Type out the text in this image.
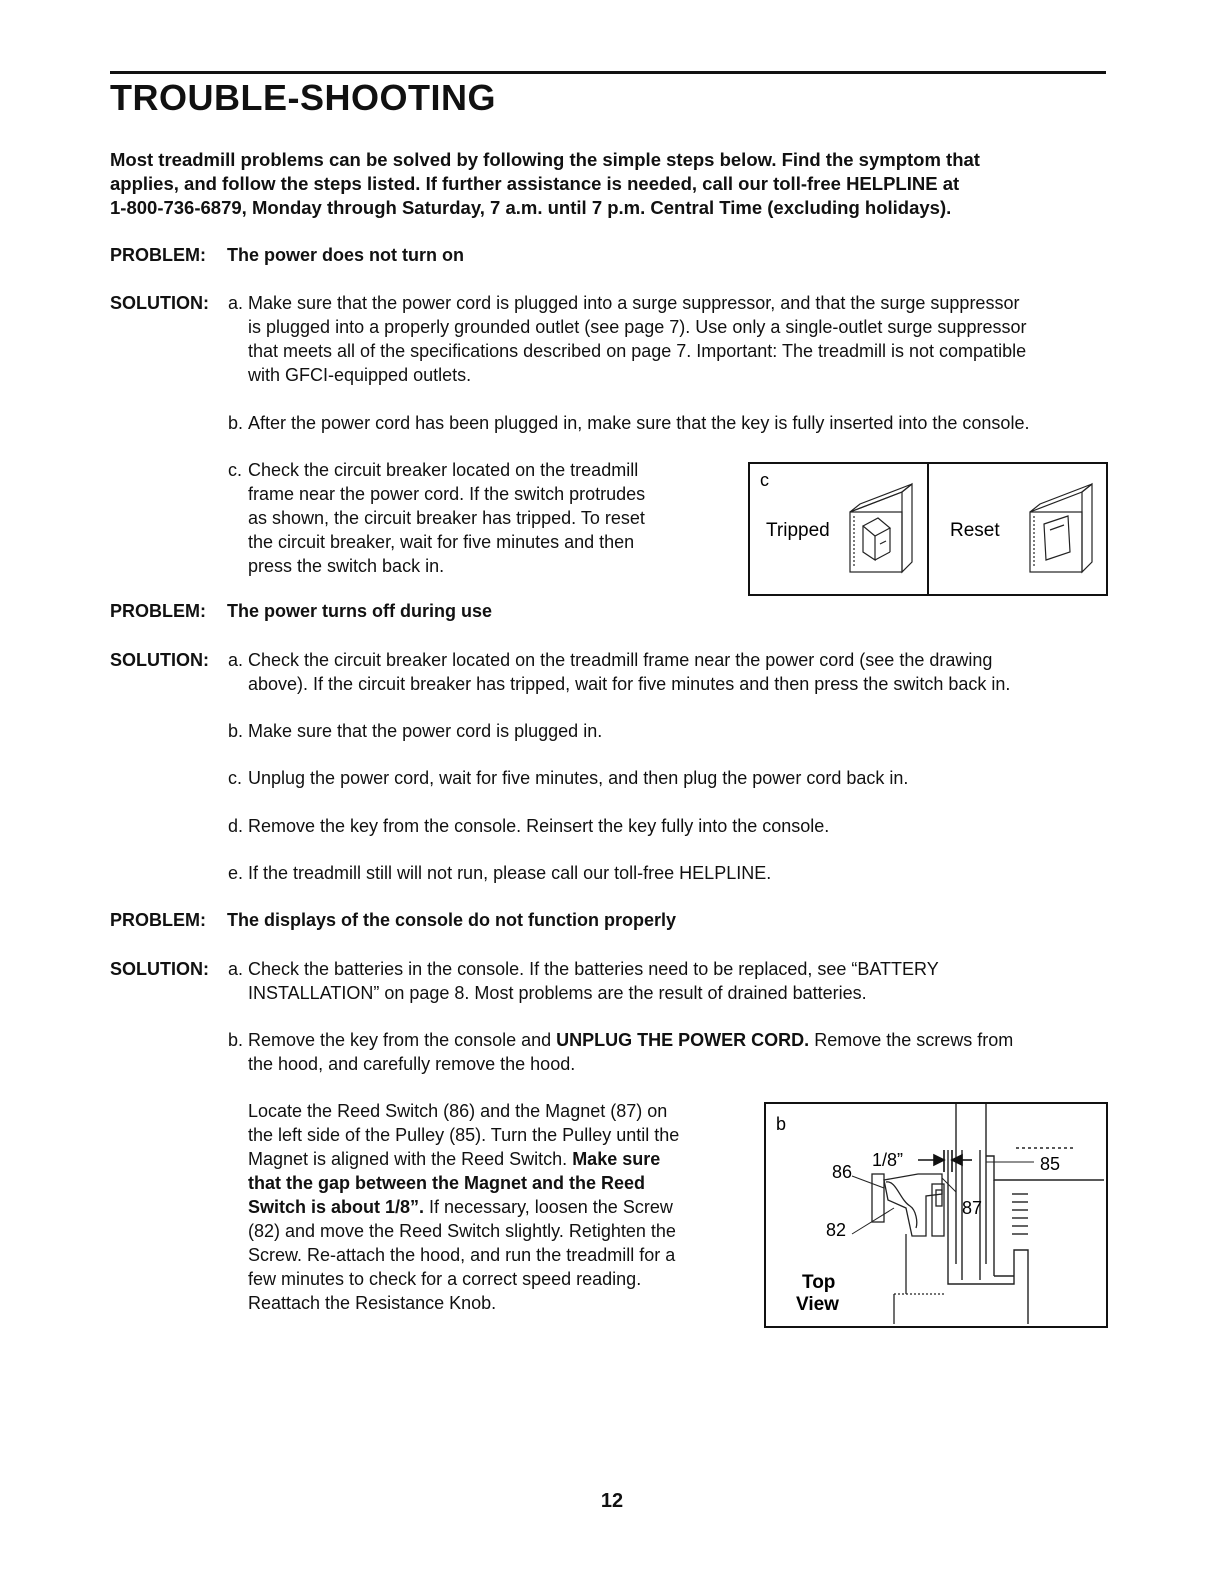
TROUBLE-SHOOTING

Most treadmill problems can be solved by following the simple steps below. Find the symptom that

applies, and follow the steps listed. If further assistance is needed, call our toll-free HELPLINE at

1-800-736-6879, Monday through Saturday, 7 a.m. until 7 p.m. Central Time (excluding holidays).

PROBLEM: The power does not turn on
SOLUTION: a. Make sure that the power cord is plugged into a surge suppressor, and that the surge suppressor

is plugged into a properly grounded outlet (see page 7). Use only a single-outlet surge suppressor

that meets all of the specifications described on page 7. Important: The treadmill is not compatible

with GFCI-equipped outlets.

b. After the power cord has been plugged in, make sure that the key is fully inserted into the console.

c. Check the circuit breaker located on the treadmill

frame near the power cord. If the switch protrudes

as shown, the circuit breaker has tripped. To reset

the circuit breaker, wait for five minutes and then

press the switch back in.

c
Tripped	Reset
PROBLEM: The power turns off during use
SOLUTION: a. Check the circuit breaker located on the treadmill frame near the power cord (see the drawing

above). If the circuit breaker has tripped, wait for five minutes and then press the switch back in.

b. Make sure that the power cord is plugged in.

c. Unplug the power cord, wait for five minutes, and then plug the power cord back in.

d. Remove the key from the console. Reinsert the key fully into the console.

e. If the treadmill still will not run, please call our toll-free HELPLINE.

PROBLEM: The displays of the console do not function properly
SOLUTION: a. Check the batteries in the console. If the batteries need to be replaced, see “BATTERY

INSTALLATION” on page 8. Most problems are the result of drained batteries.

b. Remove the key from the console and UNPLUG THE POWER CORD. Remove the screws from

the hood, and carefully remove the hood.

Locate the Reed Switch (86) and the Magnet (87) on

the left side of the Pulley (85). Turn the Pulley until the

Magnet is aligned with the Reed Switch. Make sure

that the gap between the Magnet and the Reed

Switch is about 1/8”. If necessary, loosen the Screw

(82) and move the Reed Switch slightly. Retighten the

Screw. Re-attach the hood, and run the treadmill for a

few minutes to check for a correct speed reading.

Reattach the Resistance Knob.

b
1/8”
86
87
85
82
Top
View
12
